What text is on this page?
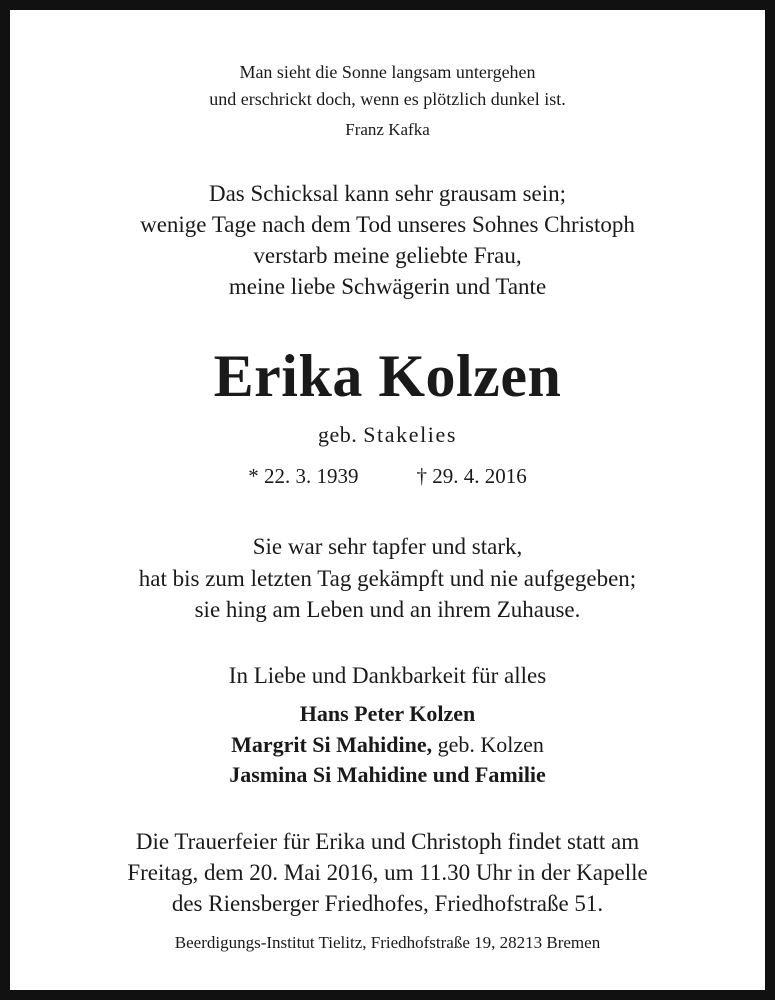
Man sieht die Sonne langsam untergehen
und erschrickt doch, wenn es plötzlich dunkel ist.
Franz Kafka
Das Schicksal kann sehr grausam sein;
wenige Tage nach dem Tod unseres Sohnes Christoph
verstarb meine geliebte Frau,
meine liebe Schwägerin und Tante
Erika Kolzen
geb. Stakelies
* 22. 3. 1939	† 29. 4. 2016
Sie war sehr tapfer und stark,
hat bis zum letzten Tag gekämpft und nie aufgegeben;
sie hing am Leben und an ihrem Zuhause.
In Liebe und Dankbarkeit für alles
Hans Peter Kolzen
Margrit Si Mahidine, geb. Kolzen
Jasmina Si Mahidine und Familie
Die Trauerfeier für Erika und Christoph findet statt am
Freitag, dem 20. Mai 2016, um 11.30 Uhr in der Kapelle
des Riensberger Friedhofes, Friedhofstraße 51.
Beerdigungs-Institut Tielitz, Friedhofstraße 19, 28213 Bremen
